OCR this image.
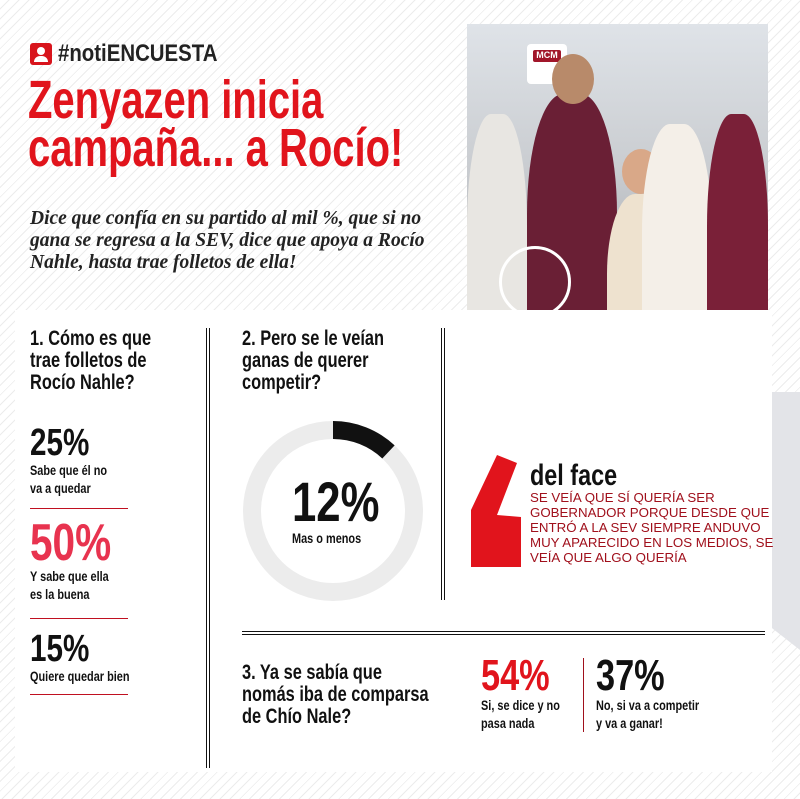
#notiENCUESTA
Zenyazen inicia
campaña... a Rocío!
Dice que confía en su partido al mil %, que si no gana se regresa a la SEV, dice que apoya a Rocío Nahle, hasta trae folletos de ella!
MCM
1. Cómo es que
trae folletos de
Rocío Nahle?
25%
Sabe que él no
va a quedar
50%
Y sabe que ella
es la buena
15%
Quiere quedar bien
2. Pero se le veían
ganas de querer
competir?
12%
Mas o menos
del face
SE VEÍA QUE SÍ QUERÍA SER GOBERNADOR PORQUE DESDE QUE ENTRÓ A LA SEV SIEMPRE ANDUVO MUY APARECIDO EN LOS MEDIOS, SE VEÍA QUE ALGO QUERÍA
3. Ya se sabía que
nomás iba de comparsa
de Chío Nale?
54%
Si, se dice y no
pasa nada
37%
No, si va a competir
y va a ganar!
